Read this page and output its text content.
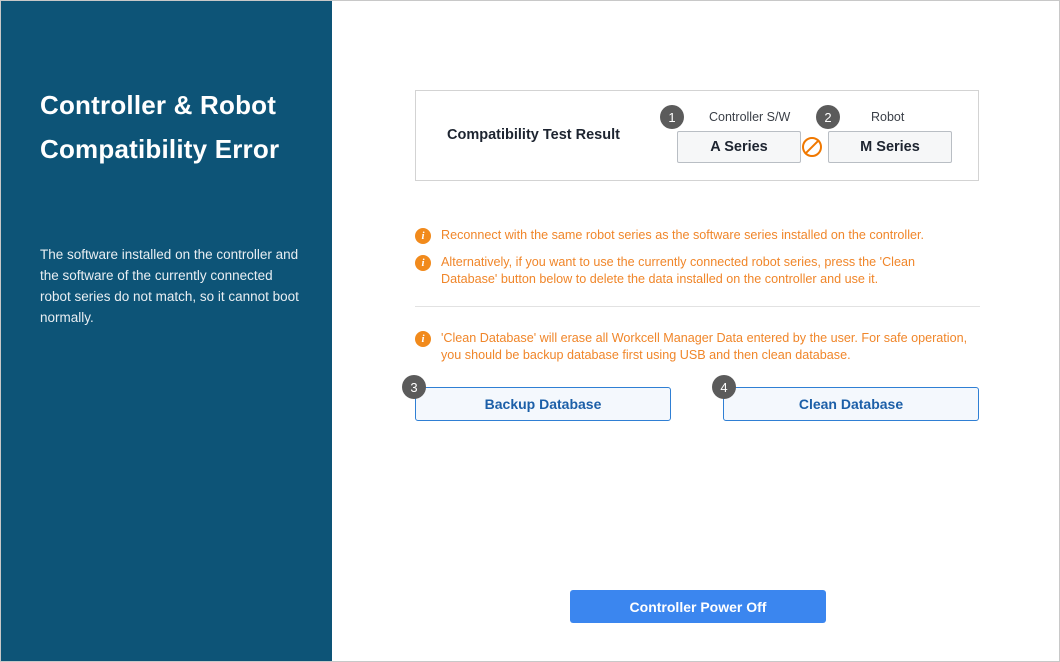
Controller & Robot Compatibility Error
The software installed on the controller and the software of the currently connected robot series do not match, so it cannot boot normally.
Compatibility Test Result
Controller S/W
A Series
Robot
M Series
1	2
3	4
i	Reconnect with the same robot series as the software series installed on the controller.
i	Alternatively, if you want to use the currently connected robot series, press the 'Clean Database' button below to delete the data installed on the controller and use it.
i	'Clean Database' will erase all Workcell Manager Data entered by the user. For safe operation, you should be backup database first using USB and then clean database.
Backup Database	Clean Database
Controller Power Off
